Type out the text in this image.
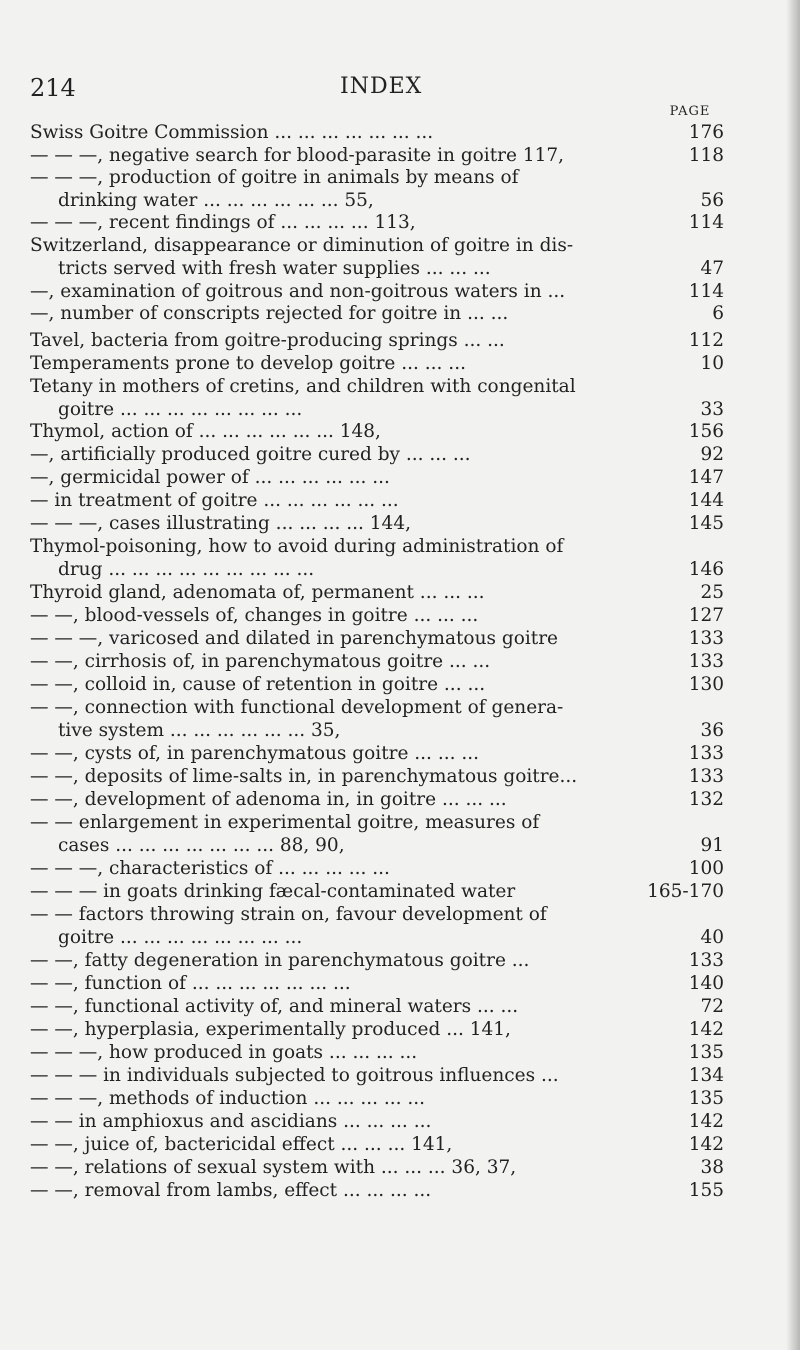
214	INDEX
PAGE
Swiss Goitre Commission ... ... ... ... ... ... ...	176
— — —, negative search for blood-parasite in goitre 117,	118
— — —, production of goitre in animals by means of
drinking water ... ... ... ... ... ... 55,	56
— — —, recent findings of ... ... ... ... 113,	114
Switzerland, disappearance or diminution of goitre in dis-
tricts served with fresh water supplies ... ... ...	47
—, examination of goitrous and non-goitrous waters in ...	114
—, number of conscripts rejected for goitre in ... ...	6
Tavel, bacteria from goitre-producing springs ... ...	112
Temperaments prone to develop goitre ... ... ...	10
Tetany in mothers of cretins, and children with congenital
goitre ... ... ... ... ... ... ... ...	33
Thymol, action of ... ... ... ... ... ... 148,	156
—, artificially produced goitre cured by ... ... ...	92
—, germicidal power of ... ... ... ... ... ...	147
— in treatment of goitre ... ... ... ... ... ...	144
— — —, cases illustrating ... ... ... ... 144,	145
Thymol-poisoning, how to avoid during administration of
drug ... ... ... ... ... ... ... ... ...	146
Thyroid gland, adenomata of, permanent ... ... ...	25
— —, blood-vessels of, changes in goitre ... ... ...	127
— — —, varicosed and dilated in parenchymatous goitre	133
— —, cirrhosis of, in parenchymatous goitre ... ...	133
— —, colloid in, cause of retention in goitre ... ...	130
— —, connection with functional development of genera-
tive system ... ... ... ... ... ... 35,	36
— —, cysts of, in parenchymatous goitre ... ... ...	133
— —, deposits of lime-salts in, in parenchymatous goitre...	133
— —, development of adenoma in, in goitre ... ... ...	132
— — enlargement in experimental goitre, measures of
cases ... ... ... ... ... ... ... 88, 90,	91
— — —, characteristics of ... ... ... ... ...	100
— — — in goats drinking fæcal-contaminated water	165-170
— — factors throwing strain on, favour development of
goitre ... ... ... ... ... ... ... ...	40
— —, fatty degeneration in parenchymatous goitre ...	133
— —, function of ... ... ... ... ... ... ...	140
— —, functional activity of, and mineral waters ... ...	72
— —, hyperplasia, experimentally produced ... 141,	142
— — —, how produced in goats ... ... ... ...	135
— — — in individuals subjected to goitrous influences ...	134
— — —, methods of induction ... ... ... ... ...	135
— — in amphioxus and ascidians ... ... ... ...	142
— —, juice of, bactericidal effect ... ... ... 141,	142
— —, relations of sexual system with ... ... ... 36, 37,	38
— —, removal from lambs, effect ... ... ... ...	155
